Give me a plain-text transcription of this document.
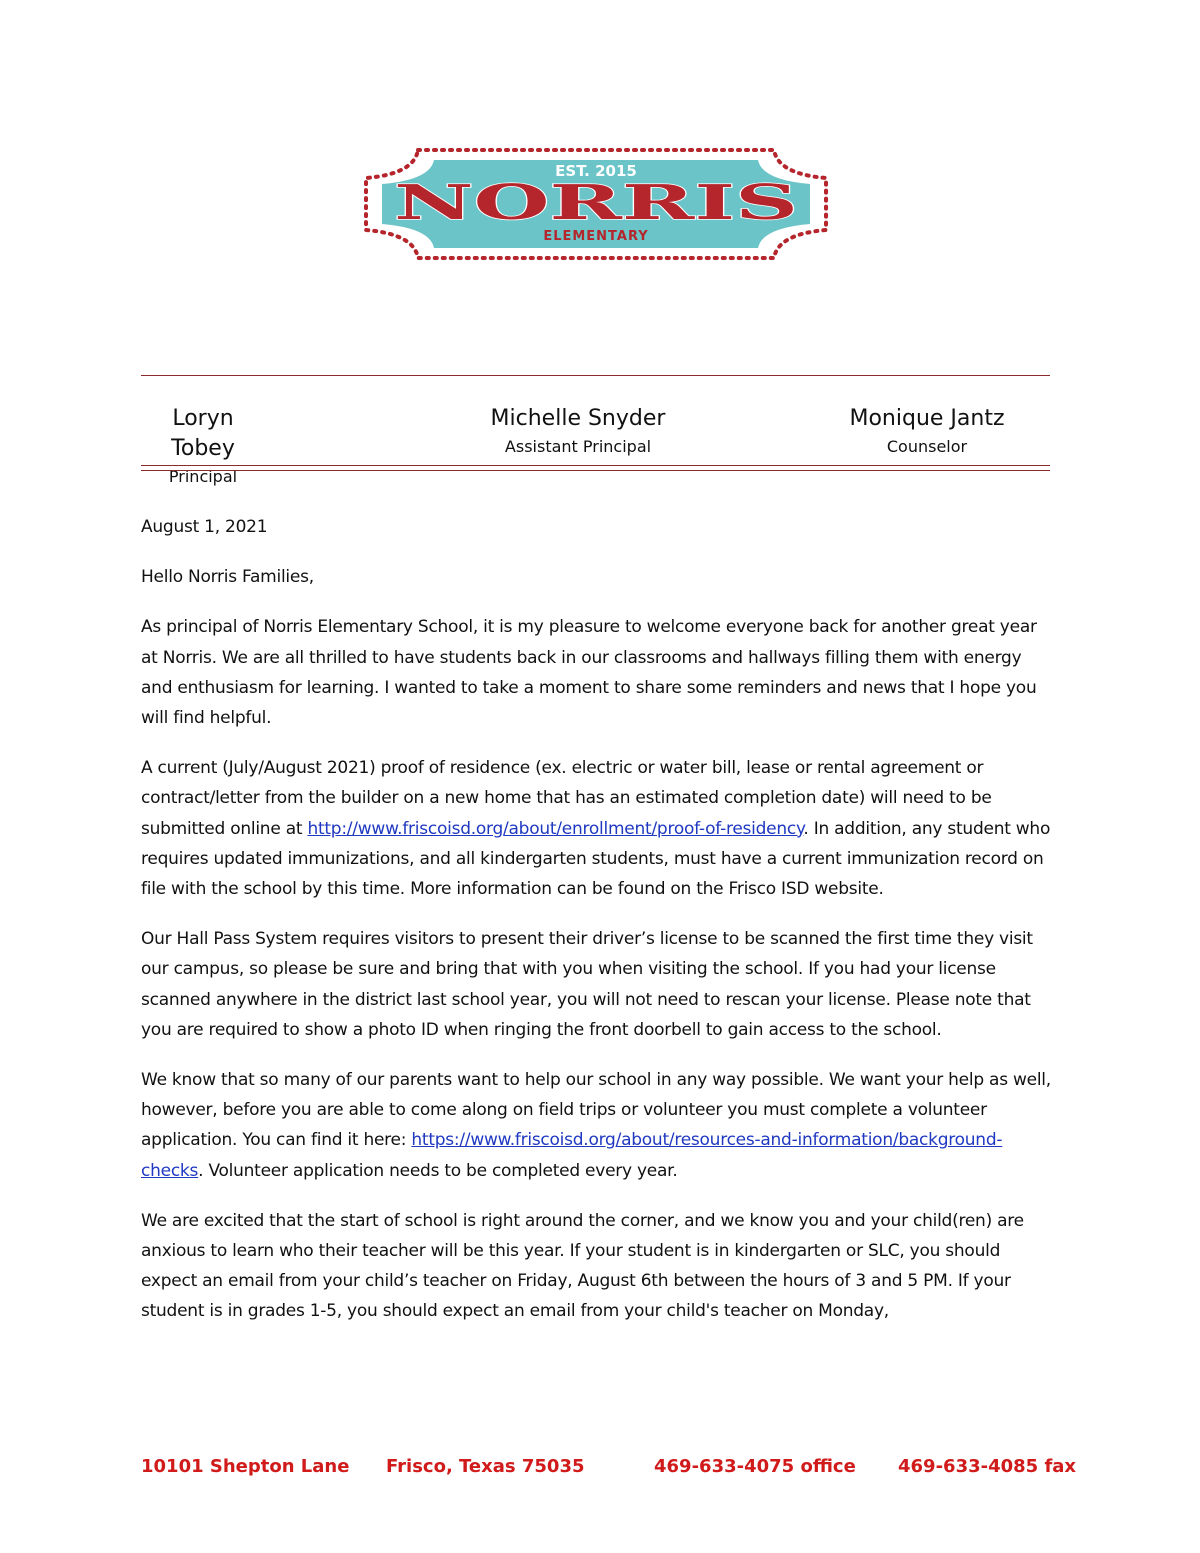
EST. 2015
NORRIS
ELEMENTARY
Loryn Tobey
Principal
Michelle Snyder
Assistant Principal
Monique Jantz
Counselor

August 1, 2021

Hello Norris Families,

As principal of Norris Elementary School, it is my pleasure to welcome everyone back for another great year at Norris. We are all thrilled to have students back in our classrooms and hallways filling them with energy and enthusiasm for learning. I wanted to take a moment to share some reminders and news that I hope you will find helpful.

A current (July/August 2021) proof of residence (ex. electric or water bill, lease or rental agreement or contract/letter from the builder on a new home that has an estimated completion date) will need to be submitted online at http://www.friscoisd.org/about/enrollment/proof-of-residency. In addition, any student who requires updated immunizations, and all kindergarten students, must have a current immunization record on file with the school by this time. More information can be found on the Frisco ISD website.

Our Hall Pass System requires visitors to present their driver’s license to be scanned the first time they visit our campus, so please be sure and bring that with you when visiting the school. If you had your license scanned anywhere in the district last school year, you will not need to rescan your license. Please note that you are required to show a photo ID when ringing the front doorbell to gain access to the school.

We know that so many of our parents want to help our school in any way possible. We want your help as well, however, before you are able to come along on field trips or volunteer you must complete a volunteer application. You can find it here: https://www.friscoisd.org/about/resources-and-information/background-checks. Volunteer application needs to be completed every year.

We are excited that the start of school is right around the corner, and we know you and your child(ren) are anxious to learn who their teacher will be this year. If your student is in kindergarten or SLC, you should expect an email from your child’s teacher on Friday, August 6th between the hours of 3 and 5 PM. If your student is in grades 1-5, you should expect an email from your child's teacher on Monday,

10101 Shepton Lane Frisco, Texas 75035	469-633-4075 office 469-633-4085 fax
